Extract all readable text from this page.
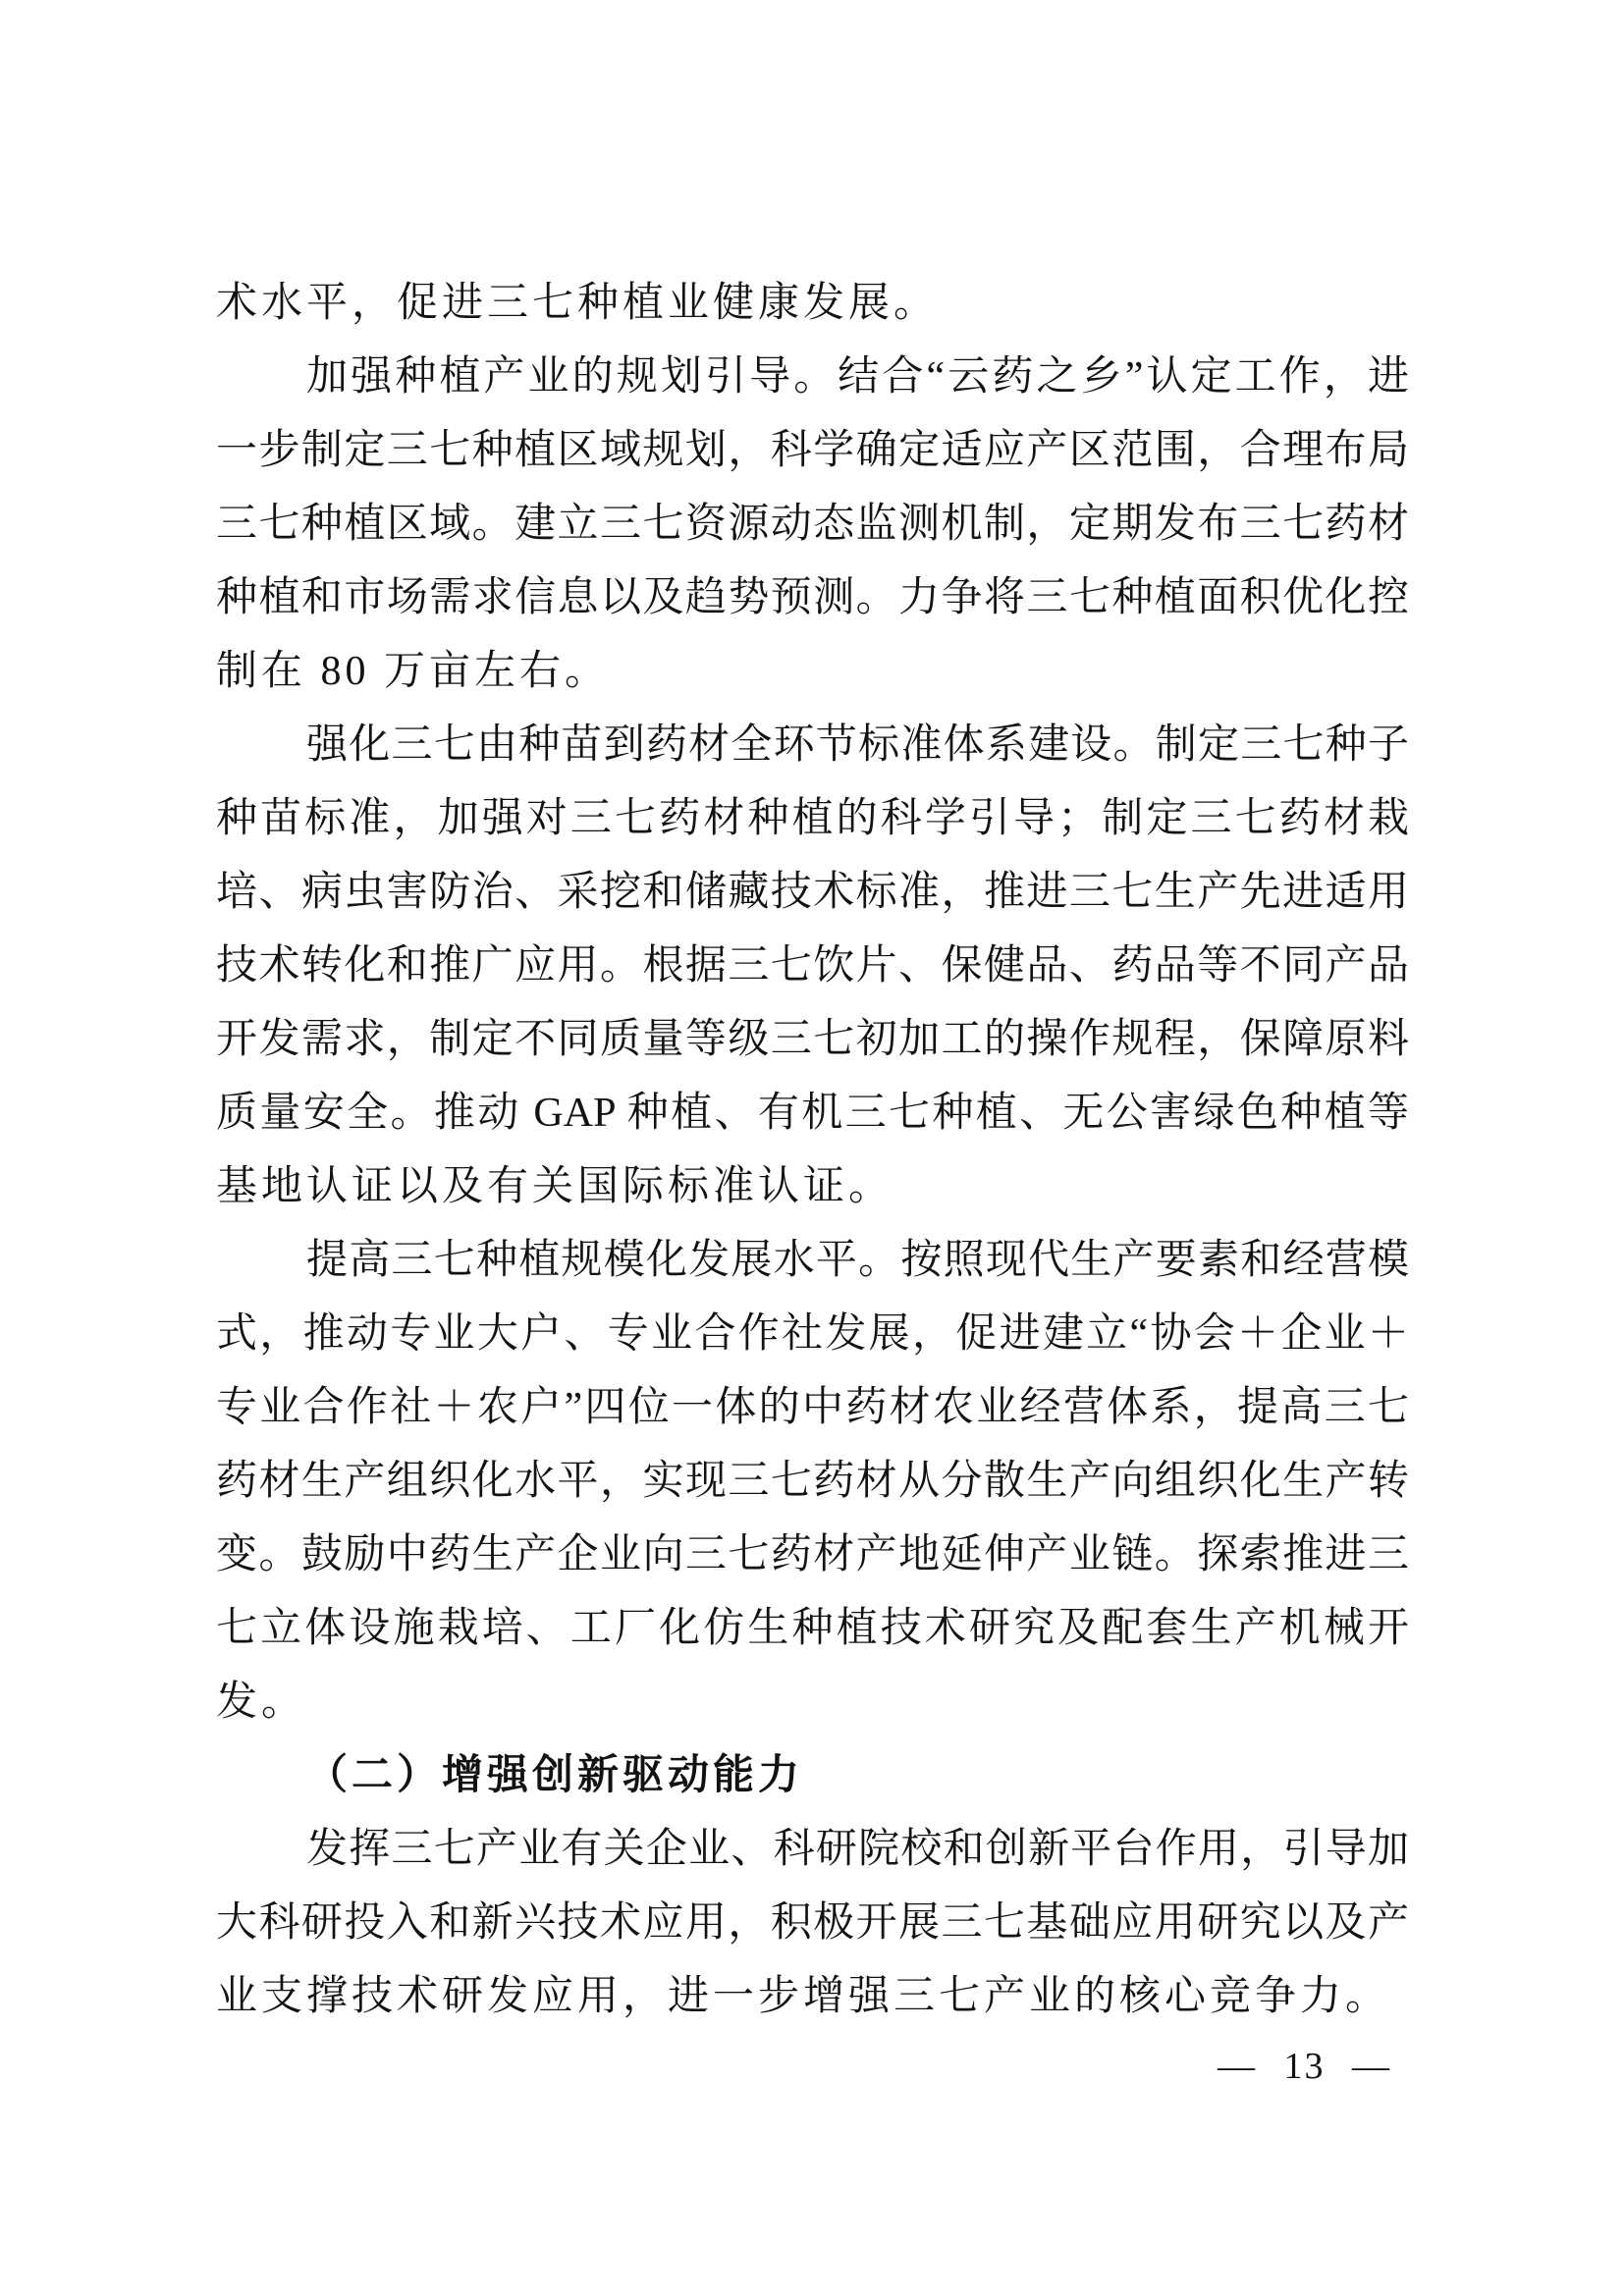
术水平，促进三七种植业健康发展。
加强种植产业的规划引导。结合“云药之乡”认定工作，进
一步制定三七种植区域规划，科学确定适应产区范围，合理布局
三七种植区域。建立三七资源动态监测机制，定期发布三七药材
种植和市场需求信息以及趋势预测。力争将三七种植面积优化控
制在 80 万亩左右。
强化三七由种苗到药材全环节标准体系建设。制定三七种子
种苗标准，加强对三七药材种植的科学引导；制定三七药材栽
培、病虫害防治、采挖和储藏技术标准，推进三七生产先进适用
技术转化和推广应用。根据三七饮片、保健品、药品等不同产品
开发需求，制定不同质量等级三七初加工的操作规程，保障原料
质量安全。推动 GAP 种植、有机三七种植、无公害绿色种植等
基地认证以及有关国际标准认证。
提高三七种植规模化发展水平。按照现代生产要素和经营模
式，推动专业大户、专业合作社发展，促进建立“协会＋企业＋
专业合作社＋农户”四位一体的中药材农业经营体系，提高三七
药材生产组织化水平，实现三七药材从分散生产向组织化生产转
变。鼓励中药生产企业向三七药材产地延伸产业链。探索推进三
七立体设施栽培、工厂化仿生种植技术研究及配套生产机械开
发。
（二）增强创新驱动能力
发挥三七产业有关企业、科研院校和创新平台作用，引导加
大科研投入和新兴技术应用，积极开展三七基础应用研究以及产
业支撑技术研发应用，进一步增强三七产业的核心竞争力。
— 13 —
